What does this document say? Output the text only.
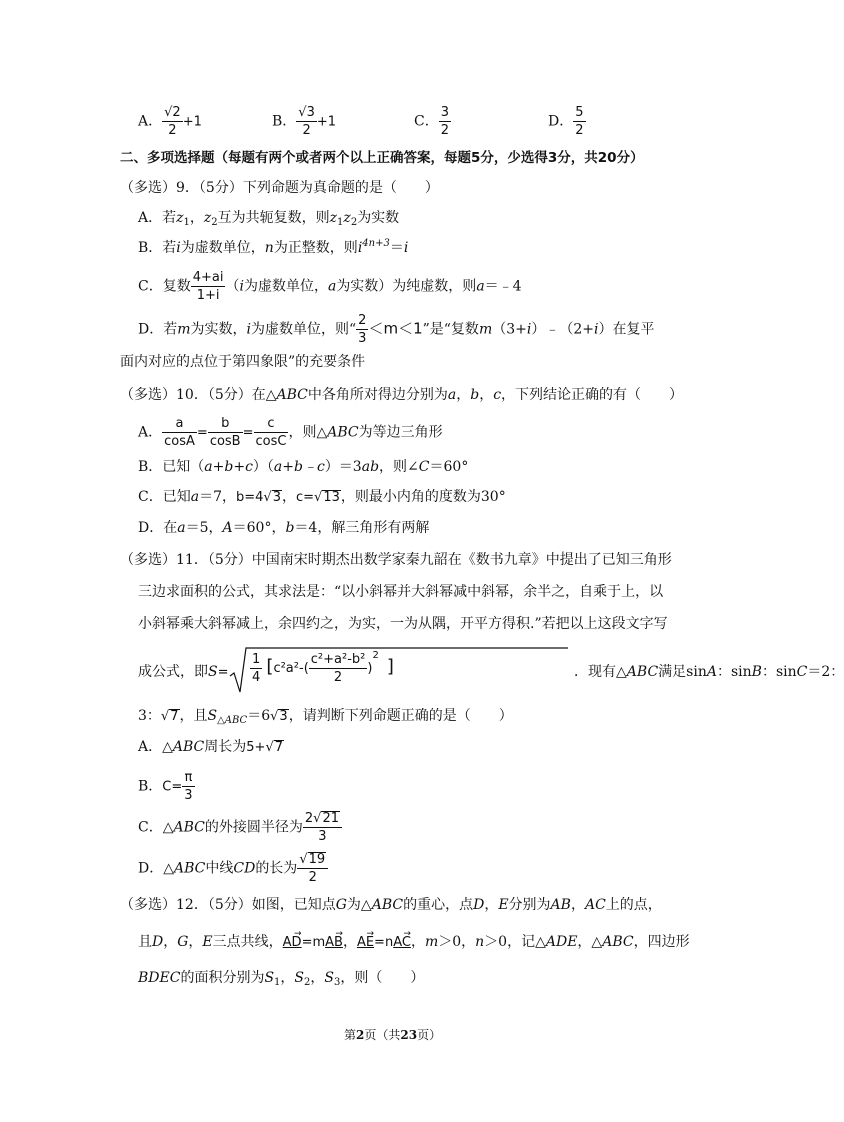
A． $\frac{√2}{2} +1$	B． $\frac{√3}{2} +1$	C． $\frac{3}{2}$	D． $\frac{5}{2}$
二、多项选择题（每题有两个或者两个以上正确答案，每题5分，少选得3分，共20分）
（多选）9．（5分）下列命题为真命题的是（　　）
A．若$z_1$，$z_2$互为共轭复数，则$z_1z_2$为实数
B．若i为虚数单位，n为正整数，则$i^{4n+3}=i$
C．复数 $\frac{4+ai}{1+i} (i$为虚数单位，a为实数）为纯虚数，则a＝﹣4
D．若m为实数，i为虚数单位，则“ $\frac{2}{3} <m<1$”是“复数m（3+i）﹣（2+i）在复平
面内对应的点位于第四象限”的充要条件
（多选）10．（5分）在△ABC中各角所对得边分别为a，b，c，下列结论正确的有（　　）
A． $\frac{a}{\cos A} = \frac{b}{\cos B} = \frac{c}{\cos C}$ ，则△ABC为等边三角形
B．已知（a+b+c）（a+b﹣c）＝3ab，则∠C＝60°
C．已知a＝7，b=4√3，c=√13，则最小内角的度数为30°
D．在a＝5，A＝60°，b＝4，解三角形有两解
（多选）11．（5分）中国南宋时期杰出数学家秦九韶在《数书九章》中提出了已知三角形
三边求面积的公式，其求法是：“以小斜幂并大斜幂减中斜幂，余半之，自乘于上，以
小斜幂乘大斜幂减上，余四约之，为实，一为从隅，开平方得积.”若把以上这段文字写
成公式，即$S= \frac{1}{4} [c^2a^2-( \frac{\text{c²+a²-b²}}{2} )^2]$	．现有△ABC满足sinA：sinB：sinC＝2：
3：√7，且$S_{\triangle ABC}=6√3$，请判断下列命题正确的是（　　）
A．△ABC周长为5+√7
B．$C= \frac{\pi}{3}$
C．△ABC的外接圆半径为 $\frac{2√21}{3}$
D．△ABC中线CD的长为 $\frac{√19}{2}$
（多选）12．（5分）如图，已知点G为△ABC的重心，点D，E分别为AB，AC上的点，
且D，G，E三点共线，→ AD=m→ AB，→ AE=n→ AC，m＞0，n＞0，记△ADE，△ABC，四边形
BDEC的面积分别为$S_1$，$S_2$，$S_3$，则（　　）
第2页（共23页）
